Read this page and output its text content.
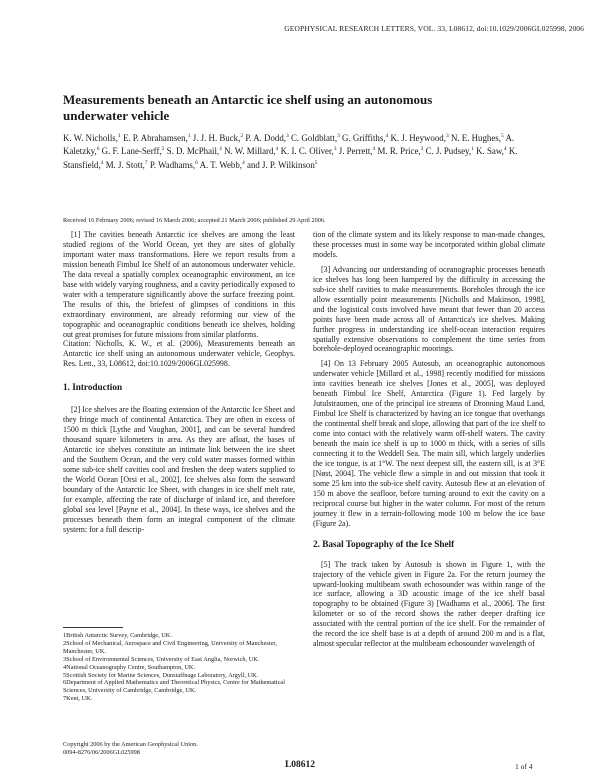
GEOPHYSICAL RESEARCH LETTERS, VOL. 33, L08612, doi:10.1029/2006GL025998, 2006
Measurements beneath an Antarctic ice shelf using an autonomous underwater vehicle
K. W. Nicholls,$^1$ E. P. Abrahamsen,$^1$ J. J. H. Buck,$^2$ P. A. Dodd,$^3$ C. Goldblatt,$^3$ G. Griffiths,$^4$ K. J. Heywood,$^3$ N. E. Hughes,$^5$ A. Kaletzky,$^6$ G. F. Lane-Serff,$^2$ S. D. McPhail,$^4$ N. W. Millard,$^4$ K. I. C. Oliver,$^3$ J. Perrett,$^4$ M. R. Price,$^3$ C. J. Pudsey,$^1$ K. Saw,$^4$ K. Stansfield,$^4$ M. J. Stott,$^7$ P. Wadhams,$^6$ A. T. Webb,$^4$ and J. P. Wilkinson$^5$
Received 16 February 2006; revised 16 March 2006; accepted 21 March 2006; published 29 April 2006.

[1] The cavities beneath Antarctic ice shelves are among the least studied regions of the World Ocean, yet they are sites of globally important water mass transformations. Here we report results from a mission beneath Fimbul Ice Shelf of an autonomous underwater vehicle. The data reveal a spatially complex oceanographic environment, an ice base with widely varying roughness, and a cavity periodically exposed to water with a temperature significantly above the surface freezing point. The results of this, the briefest of glimpses of conditions in this extraordinary environment, are already reforming our view of the topographic and oceanographic conditions beneath ice shelves, holding out great promises for future missions from similar platforms.

Citation: Nicholls, K. W., et al. (2006), Measurements beneath an Antarctic ice shelf using an autonomous underwater vehicle, Geophys. Res. Lett., 33, L08612, doi:10.1029/2006GL025998.

1. Introduction

[2] Ice shelves are the floating extension of the Antarctic Ice Sheet and they fringe much of continental Antarctica. They are often in excess of 1500 m thick [Lythe and Vaughan, 2001], and can be several hundred thousand square kilometers in area. As they are afloat, the bases of Antarctic ice shelves constitute an intimate link between the ice sheet and the Southern Ocean, and the very cold water masses formed within some sub-ice shelf cavities cool and freshen the deep waters supplied to the World Ocean [Orsi et al., 2002]. Ice shelves also form the seaward boundary of the Antarctic Ice Sheet, with changes in ice shelf melt rate, for example, affecting the rate of discharge of inland ice, and therefore global sea level [Payne et al., 2004]. In these ways, ice shelves and the processes beneath them form an integral component of the climate system: for a full descrip-

tion of the climate system and its likely response to man-made changes, these processes must in some way be incorporated within global climate models.

[3] Advancing our understanding of oceanographic processes beneath ice shelves has long been hampered by the difficulty in accessing the sub-ice shelf cavities to make measurements. Boreholes through the ice allow essentially point measurements [Nicholls and Makinson, 1998], and the logistical costs involved have meant that fewer than 20 access points have been made across all of Antarctica's ice shelves. Making further progress in understanding ice shelf-ocean interaction requires spatially extensive observations to complement the time series from borehole-deployed oceanographic moorings.

[4] On 13 February 2005 Autosub, an oceanographic autonomous underwater vehicle [Millard et al., 1998] recently modified for missions into cavities beneath ice shelves [Jones et al., 2005], was deployed beneath Fimbul Ice Shelf, Antarctica (Figure 1). Fed largely by Jutulstraumen, one of the principal ice streams of Dronning Maud Land, Fimbul Ice Shelf is characterized by having an ice tongue that overhangs the continental shelf break and slope, allowing that part of the ice shelf to come into contact with the relatively warm off-shelf waters. The cavity beneath the main ice shelf is up to 1000 m thick, with a series of sills connecting it to the Weddell Sea. The main sill, which largely underlies the ice tongue, is at 1°W. The next deepest sill, the eastern sill, is at 3°E [Nøst, 2004]. The vehicle flew a simple in and out mission that took it some 25 km into the sub-ice shelf cavity. Autosub flew at an elevation of 150 m above the seafloor, before turning around to exit the cavity on a reciprocal course but higher in the water column. For most of the return journey it flew in a terrain-following mode 100 m below the ice base (Figure 2a).

2. Basal Topography of the Ice Shelf

[5] The track taken by Autosub is shown in Figure 1, with the trajectory of the vehicle given in Figure 2a. For the return journey the upward-looking multibeam swath echosounder was within range of the ice surface, allowing a 3D acoustic image of the ice shelf basal topography to be obtained (Figure 3) [Wadhams et al., 2006]. The first kilometer or so of the record shows the rather deeper drafting ice associated with the central portion of the ice shelf. For the remainder of the record the ice shelf base is at a depth of around 200 m and is a flat, almost specular reflector at the multibeam echosounder wavelength of

1British Antarctic Survey, Cambridge, UK.
2School of Mechanical, Aerospace and Civil Engineering, University of Manchester, Manchester, UK.
3School of Environmental Sciences, University of East Anglia, Norwich, UK.
4National Oceanography Centre, Southampton, UK.
5Scottish Society for Marine Sciences, Dunstaffnage Laboratory, Argyll, UK.
6Department of Applied Mathematics and Theoretical Physics, Centre for Mathematical Sciences, University of Cambridge, Cambridge, UK.
7Kent, UK.
Copyright 2006 by the American Geophysical Union.
0094-8276/06/2006GL025998
L08612	1 of 4
